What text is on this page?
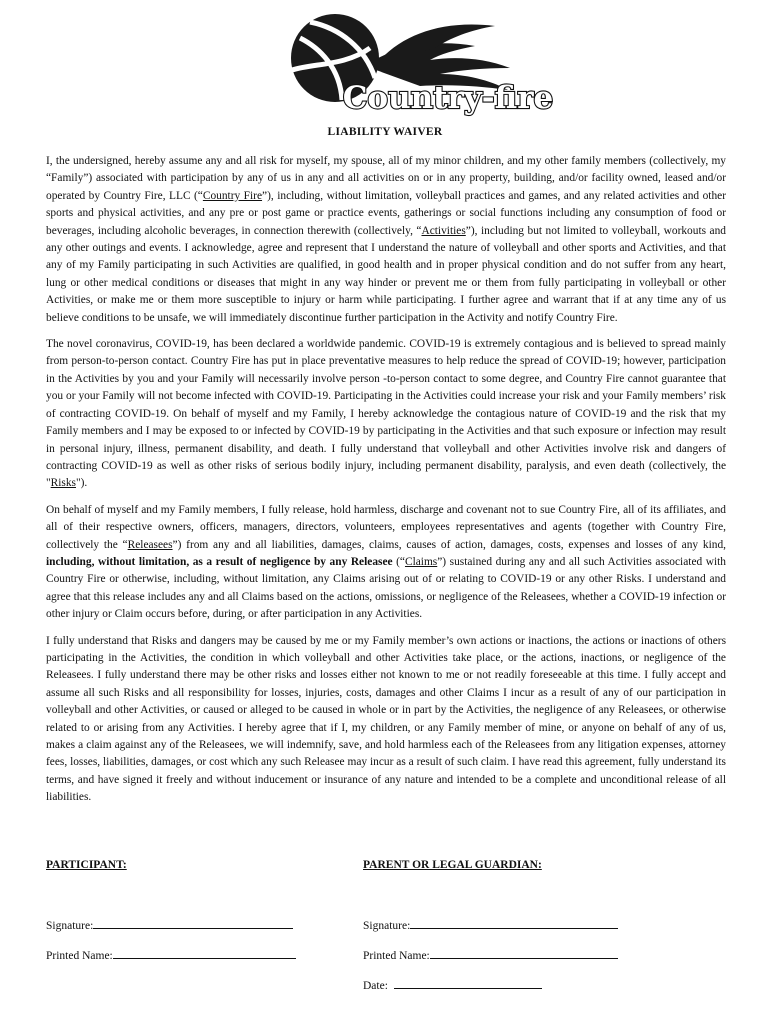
Country-fire
LIABILITY WAIVER

I, the undersigned, hereby assume any and all risk for myself, my spouse, all of my minor children, and my other family members (collectively, my “Family”) associated with participation by any of us in any and all activities on or in any property, building, and/or facility owned, leased and/or operated by Country Fire, LLC (“Country Fire”), including, without limitation, volleyball practices and games, and any related activities and other sports and physical activities, and any pre or post game or practice events, gatherings or social functions including any consumption of food or beverages, including alcoholic beverages, in connection therewith (collectively, “Activities”), including but not limited to volleyball, workouts and any other outings and events. I acknowledge, agree and represent that I understand the nature of volleyball and other sports and Activities, and that any of my Family participating in such Activities are qualified, in good health and in proper physical condition and do not suffer from any heart, lung or other medical conditions or diseases that might in any way hinder or prevent me or them from fully participating in volleyball or other Activities, or make me or them more susceptible to injury or harm while participating. I further agree and warrant that if at any time any of us believe conditions to be unsafe, we will immediately discontinue further participation in the Activity and notify Country Fire.

The novel coronavirus, COVID-19, has been declared a worldwide pandemic. COVID-19 is extremely contagious and is believed to spread mainly from person-to-person contact. Country Fire has put in place preventative measures to help reduce the spread of COVID-19; however, participation in the Activities by you and your Family will necessarily involve person -to-person contact to some degree, and Country Fire cannot guarantee that you or your Family will not become infected with COVID-19. Participating in the Activities could increase your risk and your Family members’ risk of contracting COVID-19. On behalf of myself and my Family, I hereby acknowledge the contagious nature of COVID-19 and the risk that my Family members and I may be exposed to or infected by COVID-19 by participating in the Activities and that such exposure or infection may result in personal injury, illness, permanent disability, and death. I fully understand that volleyball and other Activities involve risk and dangers of contracting COVID-19 as well as other risks of serious bodily injury, including permanent disability, paralysis, and even death (collectively, the "Risks").

On behalf of myself and my Family members, I fully release, hold harmless, discharge and covenant not to sue Country Fire, all of its affiliates, and all of their respective owners, officers, managers, directors, volunteers, employees representatives and agents (together with Country Fire, collectively the “Releasees”) from any and all liabilities, damages, claims, causes of action, damages, costs, expenses and losses of any kind, including, without limitation, as a result of negligence by any Releasee (“Claims”) sustained during any and all such Activities associated with Country Fire or otherwise, including, without limitation, any Claims arising out of or relating to COVID-19 or any other Risks. I understand and agree that this release includes any and all Claims based on the actions, omissions, or negligence of the Releasees, whether a COVID-19 infection or other injury or Claim occurs before, during, or after participation in any Activities.

I fully understand that Risks and dangers may be caused by me or my Family member’s own actions or inactions, the actions or inactions of others participating in the Activities, the condition in which volleyball and other Activities take place, or the actions, inactions, or negligence of the Releasees. I fully understand there may be other risks and losses either not known to me or not readily foreseeable at this time. I fully accept and assume all such Risks and all responsibility for losses, injuries, costs, damages and other Claims I incur as a result of any of our participation in volleyball and other Activities, or caused or alleged to be caused in whole or in part by the Activities, the negligence of any Releasees, or otherwise related to or arising from any Activities. I hereby agree that if I, my children, or any Family member of mine, or anyone on behalf of any of us, makes a claim against any of the Releasees, we will indemnify, save, and hold harmless each of the Releasees from any litigation expenses, attorney fees, losses, liabilities, damages, or cost which any such Releasee may incur as a result of such claim. I have read this agreement, fully understand its terms, and have signed it freely and without inducement or insurance of any nature and intended to be a complete and unconditional release of all liabilities.

PARTICIPANT:
Signature:
Printed Name:
PARENT OR LEGAL GUARDIAN:
Signature:
Printed Name:
Date:
